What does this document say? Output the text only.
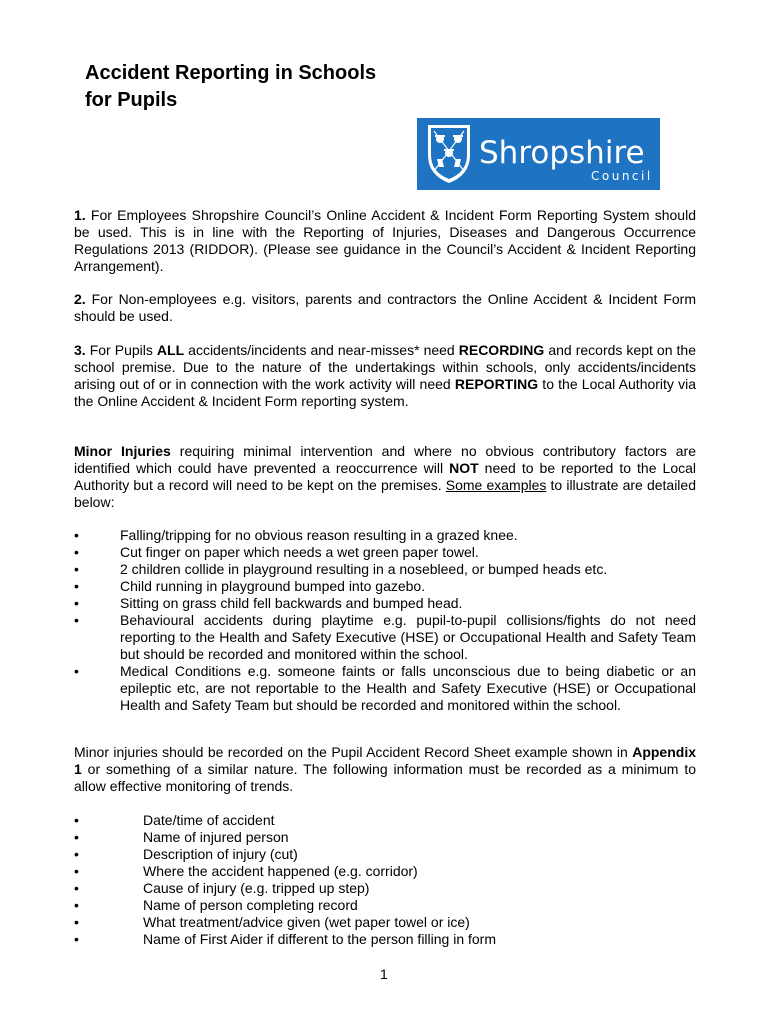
Accident Reporting in Schools
for Pupils
Shropshire
Council

1. For Employees Shropshire Council’s Online Accident & Incident Form Reporting System should be used. This is in line with the Reporting of Injuries, Diseases and Dangerous Occurrence Regulations 2013 (RIDDOR). (Please see guidance in the Council’s Accident & Incident Reporting Arrangement).

2. For Non-employees e.g. visitors, parents and contractors the Online Accident & Incident Form should be used.

3. For Pupils ALL accidents/incidents and near-misses* need RECORDING and records kept on the school premise. Due to the nature of the undertakings within schools, only accidents/incidents arising out of or in connection with the work activity will need REPORTING to the Local Authority via the Online Accident & Incident Form reporting system.

Minor Injuries requiring minimal intervention and where no obvious contributory factors are identified which could have prevented a reoccurrence will NOT need to be reported to the Local Authority but a record will need to be kept on the premises. Some examples to illustrate are detailed below:

•	Falling/tripping for no obvious reason resulting in a grazed knee.
•	Cut finger on paper which needs a wet green paper towel.
•	2 children collide in playground resulting in a nosebleed, or bumped heads etc.
•	Child running in playground bumped into gazebo.
•	Sitting on grass child fell backwards and bumped head.
•	Behavioural accidents during playtime e.g. pupil-to-pupil collisions/fights do not need reporting to the Health and Safety Executive (HSE) or Occupational Health and Safety Team but should be recorded and monitored within the school.
•	Medical Conditions e.g. someone faints or falls unconscious due to being diabetic or an epileptic etc, are not reportable to the Health and Safety Executive (HSE) or Occupational Health and Safety Team but should be recorded and monitored within the school.

Minor injuries should be recorded on the Pupil Accident Record Sheet example shown in Appendix 1 or something of a similar nature. The following information must be recorded as a minimum to allow effective monitoring of trends.

•	Date/time of accident
•	Name of injured person
•	Description of injury (cut)
•	Where the accident happened (e.g. corridor)
•	Cause of injury (e.g. tripped up step)
•	Name of person completing record
•	What treatment/advice given (wet paper towel or ice)
•	Name of First Aider if different to the person filling in form
1
